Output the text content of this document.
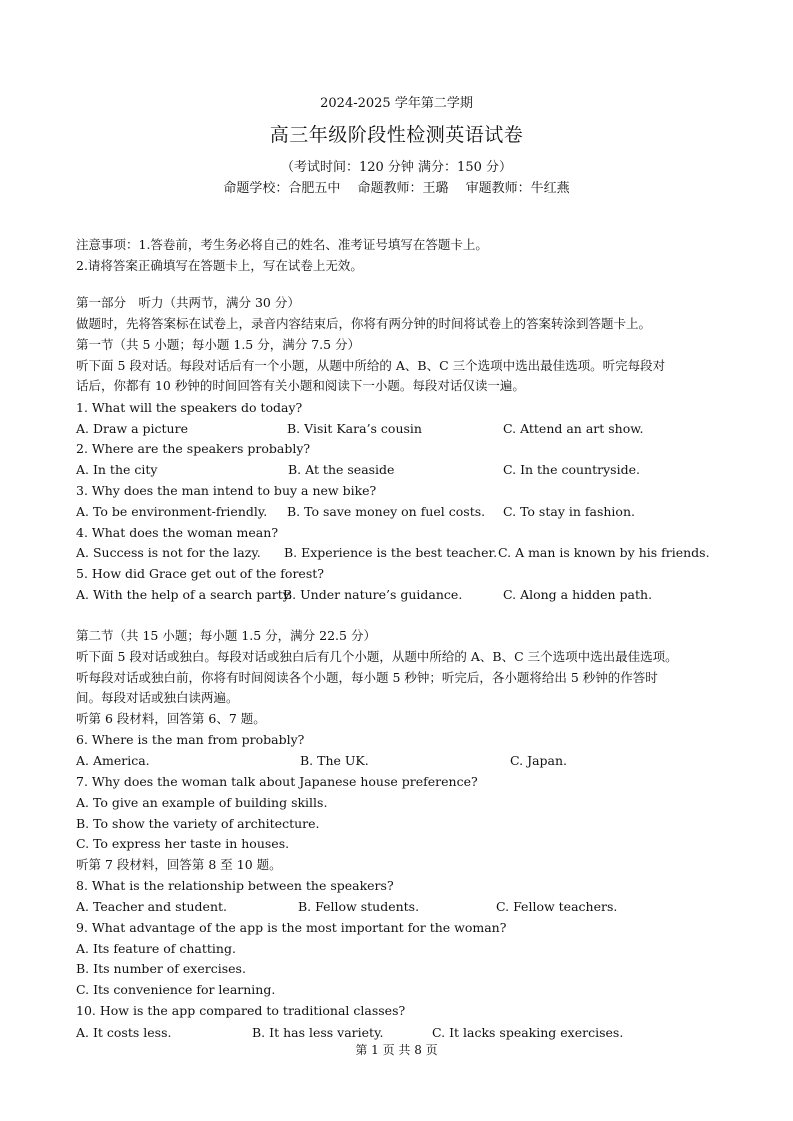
2024-2025 学年第二学期
高三年级阶段性检测英语试卷
（考试时间：120 分钟 满分：150 分）
命题学校：合肥五中　 命题教师：王璐　 审题教师：牛红燕
注意事项：1.答卷前，考生务必将自己的姓名、准考证号填写在答题卡上。
2.请将答案正确填写在答题卡上，写在试卷上无效。
第一部分　听力（共两节，满分 30 分）
做题时，先将答案标在试卷上，录音内容结束后，你将有两分钟的时间将试卷上的答案转涂到答题卡上。
第一节（共 5 小题；每小题 1.5 分，满分 7.5 分）
听下面 5 段对话。每段对话后有一个小题，从题中所给的 A、B、C 三个选项中选出最佳选项。听完每段对
话后，你都有 10 秒钟的时间回答有关小题和阅读下一小题。每段对话仅读一遍。
1. What will the speakers do today?
A. Draw a picture	B. Visit Kara’s cousin	C. Attend an art show.
2. Where are the speakers probably?
A. In the city	B. At the seaside	C. In the countryside.
3. Why does the man intend to buy a new bike?
A. To be environment-friendly. B. To save money on fuel costs. C. To stay in fashion.
4. What does the woman mean?
A. Success is not for the lazy. B. Experience is the best teacher. C. A man is known by his friends.
5. How did Grace get out of the forest?
A. With the help of a search party.
B. Under nature’s guidance.	C. Along a hidden path.
第二节（共 15 小题；每小题 1.5 分，满分 22.5 分）
听下面 5 段对话或独白。每段对话或独白后有几个小题，从题中所给的 A、B、C 三个选项中选出最佳选项。
听每段对话或独白前，你将有时间阅读各个小题，每小题 5 秒钟；听完后，各小题将给出 5 秒钟的作答时
间。每段对话或独白读两遍。
听第 6 段材料，回答第 6、7 题。
6. Where is the man from probably?
A. America.	B. The UK.	C. Japan.
7. Why does the woman talk about Japanese house preference?
A. To give an example of building skills.
B. To show the variety of architecture.
C. To express her taste in houses.
听第 7 段材料，回答第 8 至 10 题。
8. What is the relationship between the speakers?
A. Teacher and student.	B. Fellow students.	C. Fellow teachers.
9. What advantage of the app is the most important for the woman?
A. Its feature of chatting.
B. Its number of exercises.
C. Its convenience for learning.
10. How is the app compared to traditional classes?
A. It costs less.	B. It has less variety.	C. It lacks speaking exercises.
第 1 页 共 8 页
